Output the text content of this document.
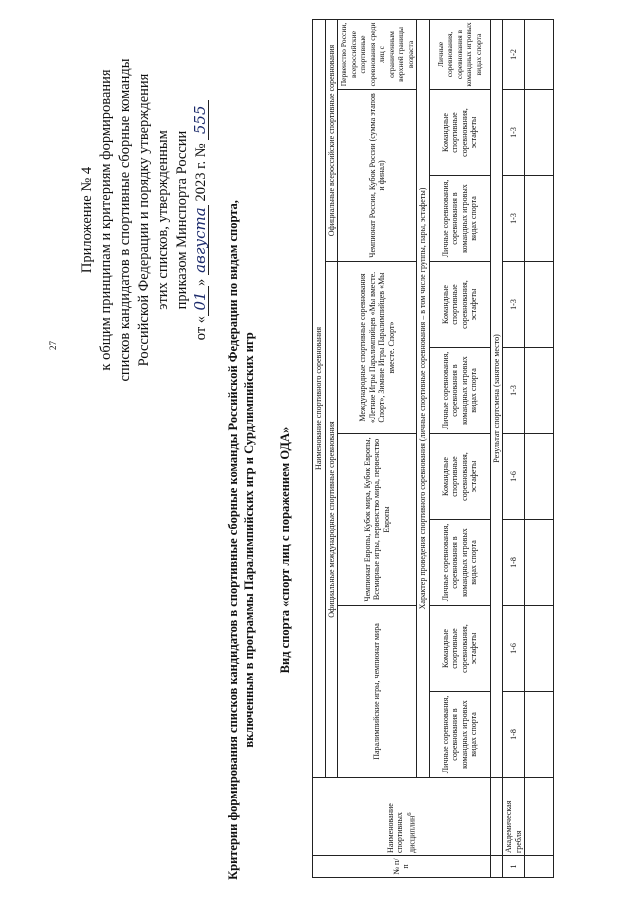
27
Приложение № 4 к общим принципам и критериям формирования списков кандидатов в спортивные сборные команды Российской Федерации и порядку утверждения этих списков, утвержденным приказом Минспорта России
от «01» августа 2023 г. № 555
Критерии формирования списков кандидатов в спортивные сборные команды Российской Федерации по видам спорта, включенным в программы Паралимпийских игр и Сурдлимпийских игр Вид спорта «спорт лиц с поражением ОДА»
№ п/п	Наименование спортивных дисциплин$^6$	Наименование спортивного соревнования								
		Официальные международные спортивные соревнования						Официальные всероссийские спортивные соревнования		
		Паралимпийские игры, чемпионат мира		Чемпионат Европы, Кубок мира, Кубок Европы, Всемирные игры, первенство мира, первенство Европы		Международные спортивные соревнования «Летние Игры Паралимпийцев «Мы вместе. Спорт», Зимние Игры Паралимпийцев «Мы вместе. Спорт»		Чемпионат России, Кубок России (сумма этапов и финал)		Первенство России, всероссийские спортивные соревнования среди лиц с ограниченным верхней границы возраста
		Характер проведения спортивного соревнования (личные спортивные соревнования – в том числе группы, пары, эстафеты)								
		Личные соревнования, соревнования в командных игровых видах спорта	Командные спортивные соревнования, эстафеты	Личные соревнования, соревнования в командных игровых видах спорта	Командные спортивные соревнования, эстафеты	Личные соревнования, соревнования в командных игровых видах спорта	Командные спортивные соревнования, эстафеты	Личные соревнования, соревнования в командных игровых видах спорта	Командные спортивные соревнования, эстафеты	Личные соревнования, соревнования в командных игровых видах спорта
		Результат спортсмена (занятое место)								
1	Академическая гребля	1-8	1-6	1-8	1-6	1-3	1-3	1-3	1-3	1-2
